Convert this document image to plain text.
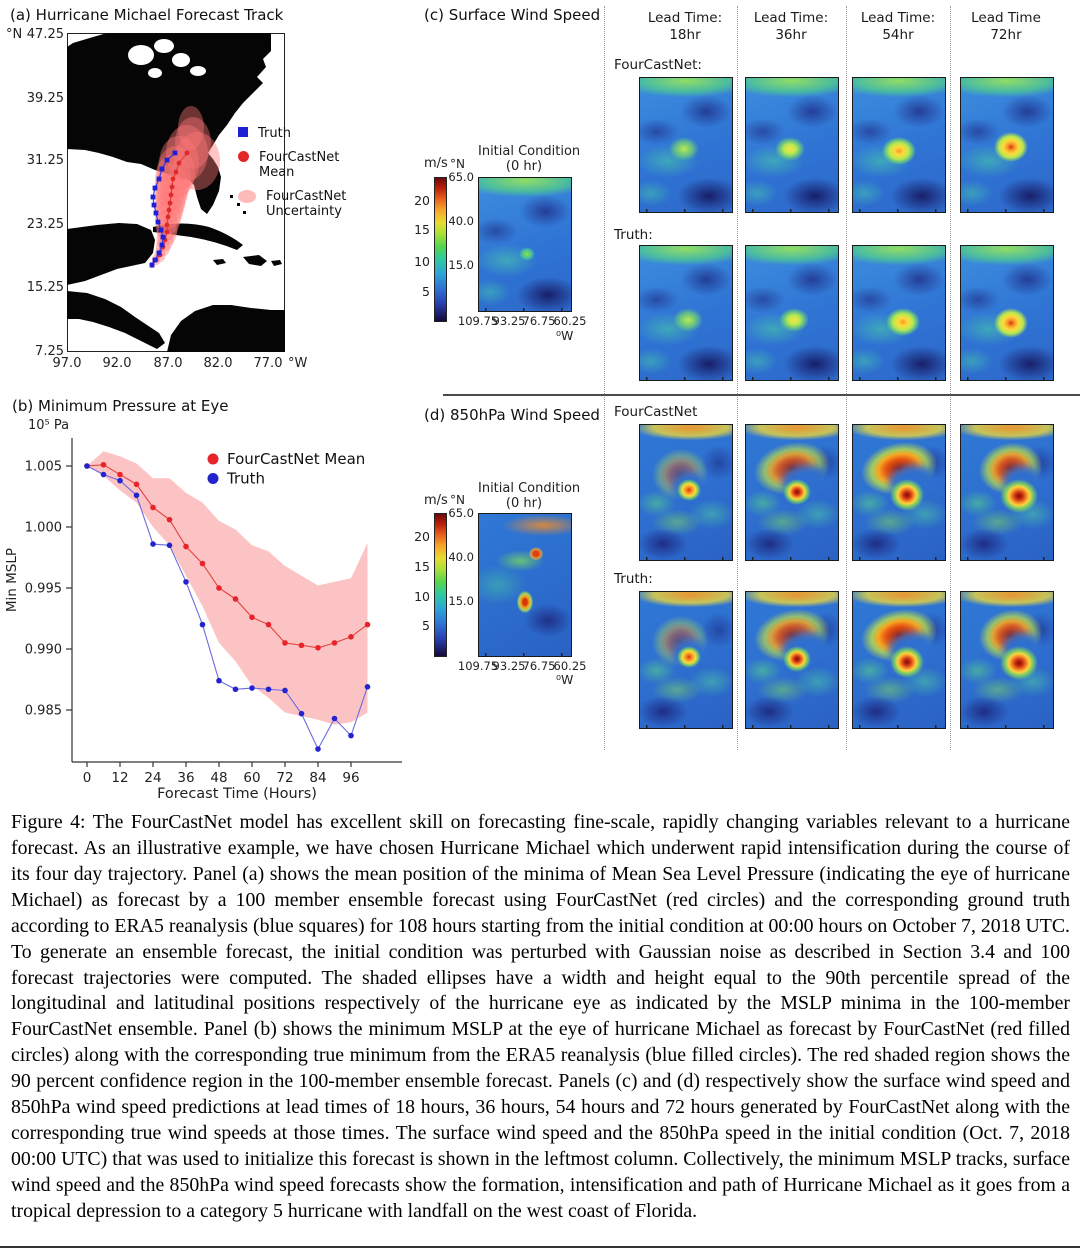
(a) Hurricane Michael Forecast Track
°N
°W
Truth
FourCastNet
Mean
FourCastNet
Uncertainty
(b) Minimum Pressure at Eye
10⁵ Pa
Min MSLP
1.005
1.000
0.995
0.990
0.985
0 12 24 36 48 60 72 84 96
Forecast Time (Hours)
FourCastNet Mean
Truth
(c) Surface Wind Speed
m/s
20
15
10
5
Initial Condition
(0 hr)
°N
65.0
40.0
15.0
109.75
93.25
76.75
60.25
⁰W
(d) 850hPa Wind Speed
m/s
20
15
10
5
Initial Condition
(0 hr)
°N
65.0
40.0
15.0
109.75
93.25
76.75
60.25
⁰W
Lead Time:
18hr
Lead Time:
36hr
Lead Time:
54hr
Lead Time
72hr
FourCastNet:
Truth:
FourCastNet
Truth:
Figure 4: The FourCastNet model has excellent skill on forecasting fine-scale, rapidly changing variables relevant to a hurricane forecast. As an illustrative example, we have chosen Hurricane Michael which underwent rapid intensification during the course of its four day trajectory. Panel (a) shows the mean position of the minima of Mean Sea Level Pressure (indicating the eye of hurricane Michael) as forecast by a 100 member ensemble forecast using FourCastNet (red circles) and the corresponding ground truth according to ERA5 reanalysis (blue squares) for 108 hours starting from the initial condition at 00:00 hours on October 7, 2018 UTC. To generate an ensemble forecast, the initial condition was perturbed with Gaussian noise as described in Section 3.4 and 100 forecast trajectories were computed. The shaded ellipses have a width and height equal to the 90th percentile spread of the longitudinal and latitudinal positions respectively of the hurricane eye as indicated by the MSLP minima in the 100-member FourCastNet ensemble. Panel (b) shows the minimum MSLP at the eye of hurricane Michael as forecast by FourCastNet (red filled circles) along with the corresponding true minimum from the ERA5 reanalysis (blue filled circles). The red shaded region shows the 90 percent confidence region in the 100-member ensemble forecast. Panels (c) and (d) respectively show the surface wind speed and 850hPa wind speed predictions at lead times of 18 hours, 36 hours, 54 hours and 72 hours generated by FourCastNet along with the corresponding true wind speeds at those times. The surface wind speed and the 850hPa speed in the initial condition (Oct. 7, 2018 00:00 UTC) that was used to initialize this forecast is shown in the leftmost column. Collectively, the minimum MSLP tracks, surface wind speed and the 850hPa wind speed forecasts show the formation, intensification and path of Hurricane Michael as it goes from a tropical depression to a category 5 hurricane with landfall on the west coast of Florida.
47.25
39.25
31.25
23.25
15.25
7.25
97.0	92.0	87.0	82.0	77.0
